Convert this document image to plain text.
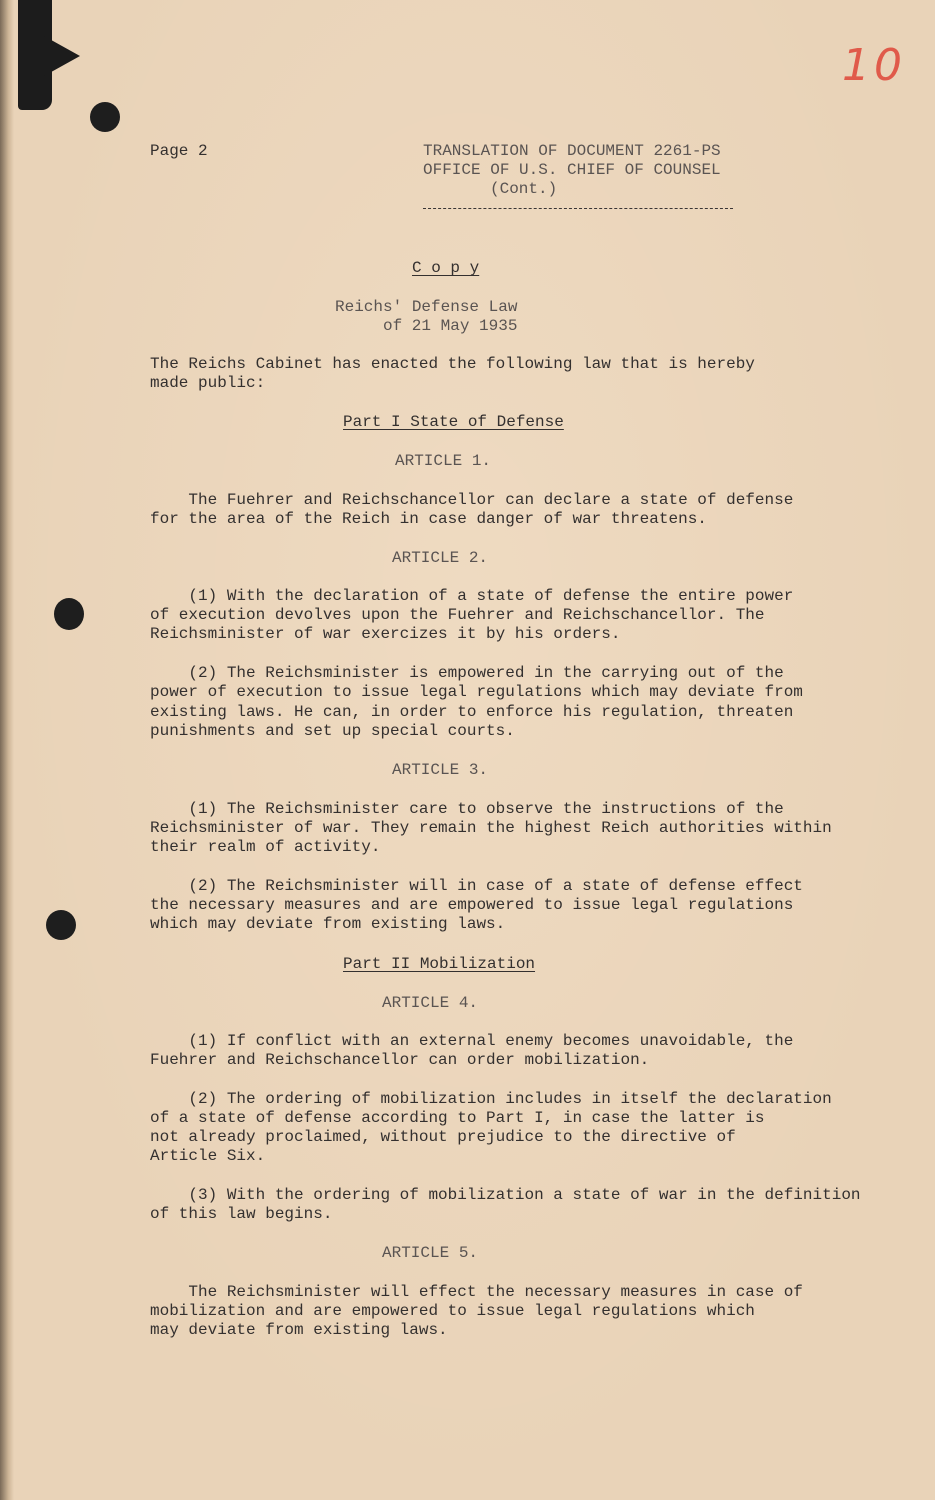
10
Page 2	TRANSLATION OF DOCUMENT 2261-PS
OFFICE OF U.S. CHIEF OF COUNSEL
(Cont.)
C o p y
Reichs' Defense Law
of 21 May 1935
The Reichs Cabinet has enacted the following law that is hereby
made public:
Part I State of Defense
ARTICLE 1.
The Fuehrer and Reichschancellor can declare a state of defense
for the area of the Reich in case danger of war threatens.
ARTICLE 2.
(1) With the declaration of a state of defense the entire power
of execution devolves upon the Fuehrer and Reichschancellor. The
Reichsminister of war exercizes it by his orders.
(2) The Reichsminister is empowered in the carrying out of the
power of execution to issue legal regulations which may deviate from
existing laws. He can, in order to enforce his regulation, threaten
punishments and set up special courts.
ARTICLE 3.
(1) The Reichsminister care to observe the instructions of the
Reichsminister of war. They remain the highest Reich authorities within
their realm of activity.
(2) The Reichsminister will in case of a state of defense effect
the necessary measures and are empowered to issue legal regulations
which may deviate from existing laws.
Part II Mobilization
ARTICLE 4.
(1) If conflict with an external enemy becomes unavoidable, the
Fuehrer and Reichschancellor can order mobilization.
(2) The ordering of mobilization includes in itself the declaration
of a state of defense according to Part I, in case the latter is
not already proclaimed, without prejudice to the directive of
Article Six.
(3) With the ordering of mobilization a state of war in the definition
of this law begins.
ARTICLE 5.
The Reichsminister will effect the necessary measures in case of
mobilization and are empowered to issue legal regulations which
may deviate from existing laws.
